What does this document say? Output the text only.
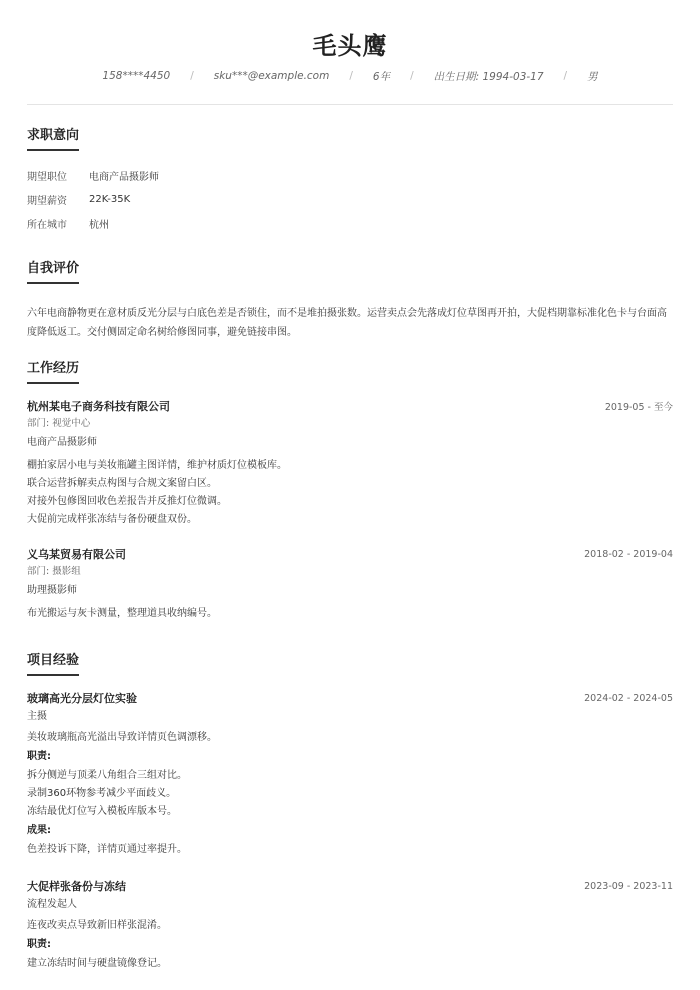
毛头鹰
158****4450 / sku***@example.com / 6年 / 出生日期: 1994-03-17 / 男
求职意向
期望职位	电商产品摄影师
期望薪资	22K-35K
所在城市	杭州
自我评价
六年电商静物更在意材质反光分层与白底色差是否锁住，而不是堆拍摄张数。运营卖点会先落成灯位草图再开拍，大促档期靠标准化色卡与台面高度降低返工。交付侧固定命名树给修图同事，避免链接串图。
工作经历
杭州某电子商务科技有限公司	2019-05 - 至今
部门: 视觉中心
电商产品摄影师
棚拍家居小电与美妆瓶罐主图详情，维护材质灯位模板库。
联合运营拆解卖点构图与合规文案留白区。
对接外包修图回收色差报告并反推灯位微调。
大促前完成样张冻结与备份硬盘双份。
义乌某贸易有限公司	2018-02 - 2019-04
部门: 摄影组
助理摄影师
布光搬运与灰卡测量，整理道具收纳编号。
项目经验
玻璃高光分层灯位实验	2024-02 - 2024-05
主摄
美妆玻璃瓶高光溢出导致详情页色调漂移。
职责:
拆分侧逆与顶柔八角组合三组对比。
录制360环物参考减少平面歧义。
冻结最优灯位写入模板库版本号。
成果:
色差投诉下降，详情页通过率提升。
大促样张备份与冻结	2023-09 - 2023-11
流程发起人
连夜改卖点导致新旧样张混淆。
职责:
建立冻结时间与硬盘镜像登记。
